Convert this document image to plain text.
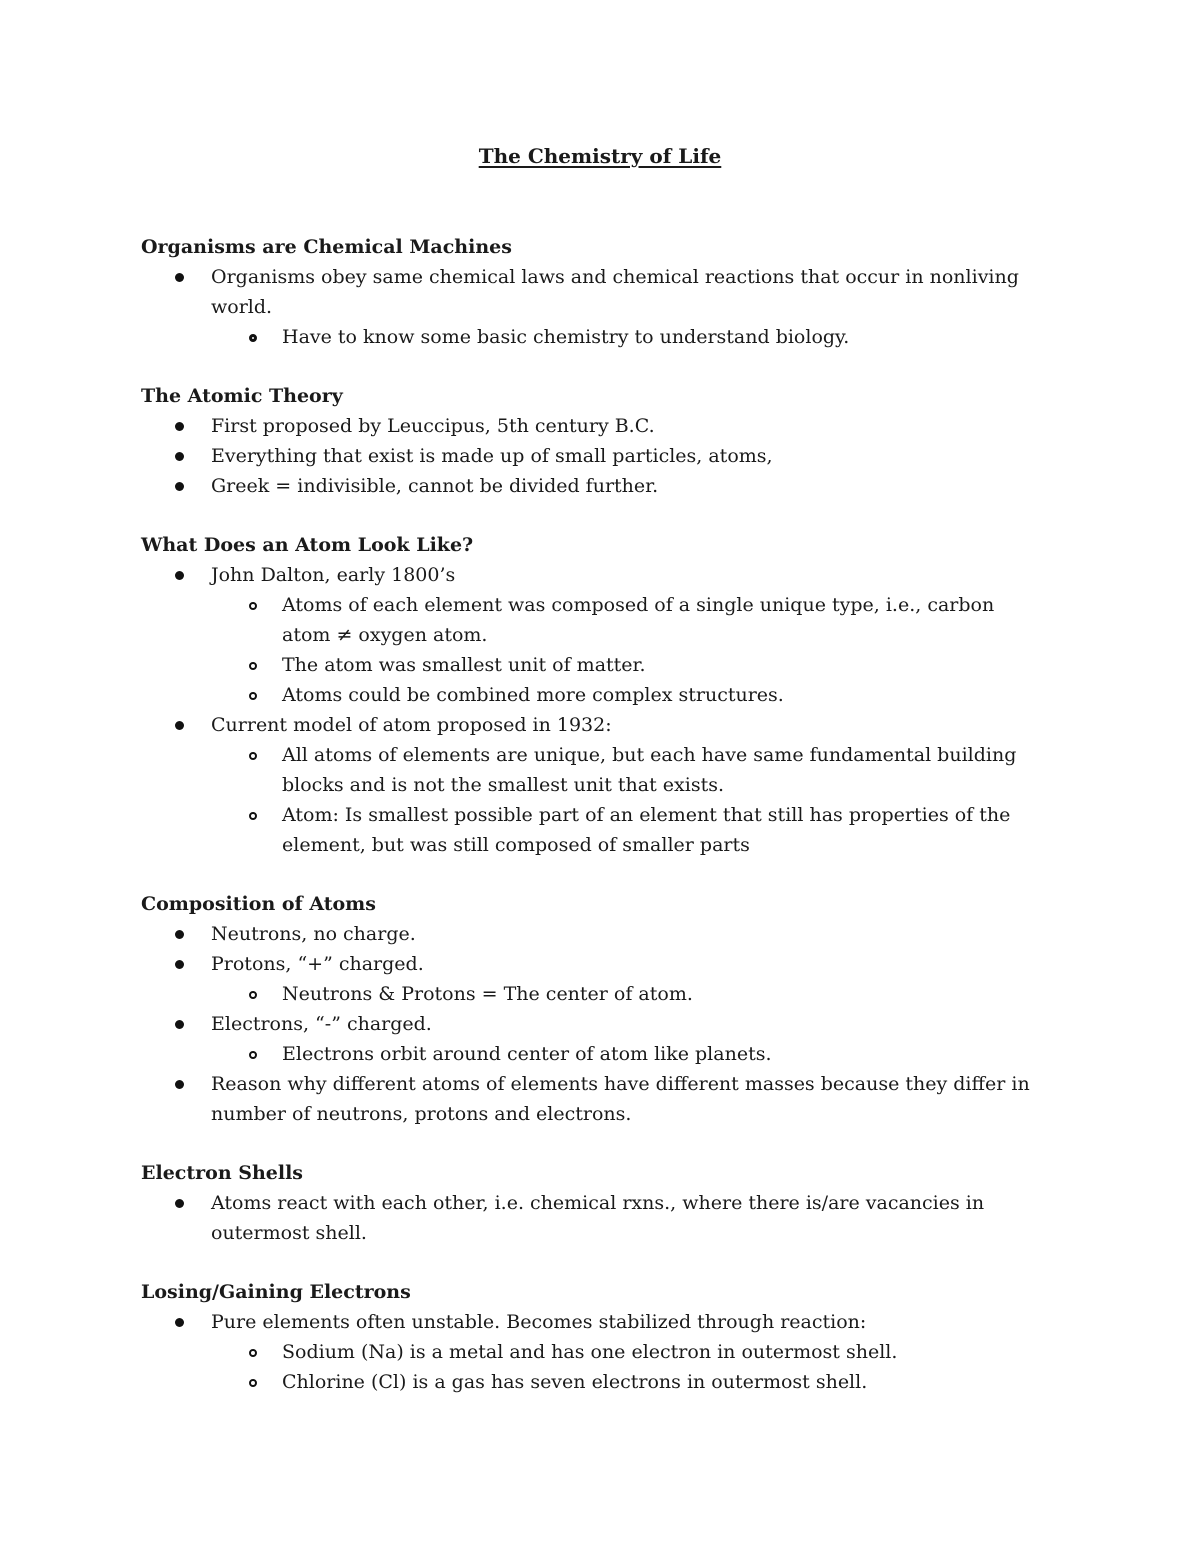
The Chemistry of Life
Organisms are Chemical Machines
Organisms obey same chemical laws and chemical reactions that occur in nonliving world.
Have to know some basic chemistry to understand biology.
The Atomic Theory
First proposed by Leuccipus, 5th century B.C.
Everything that exist is made up of small particles, atoms,
Greek = indivisible, cannot be divided further.
What Does an Atom Look Like?
John Dalton, early 1800’s
Atoms of each element was composed of a single unique type, i.e., carbon atom ≠ oxygen atom.
The atom was smallest unit of matter.
Atoms could be combined more complex structures.
Current model of atom proposed in 1932:
All atoms of elements are unique, but each have same fundamental building blocks and is not the smallest unit that exists.
Atom: Is smallest possible part of an element that still has properties of the element, but was still composed of smaller parts
Composition of Atoms
Neutrons, no charge.
Protons, “+” charged.
Neutrons & Protons = The center of atom.
Electrons, “-” charged.
Electrons orbit around center of atom like planets.
Reason why different atoms of elements have different masses because they differ in number of neutrons, protons and electrons.
Electron Shells
Atoms react with each other, i.e. chemical rxns., where there is/are vacancies in outermost shell.
Losing/Gaining Electrons
Pure elements often unstable. Becomes stabilized through reaction:
Sodium (Na) is a metal and has one electron in outermost shell.
Chlorine (Cl) is a gas has seven electrons in outermost shell.
